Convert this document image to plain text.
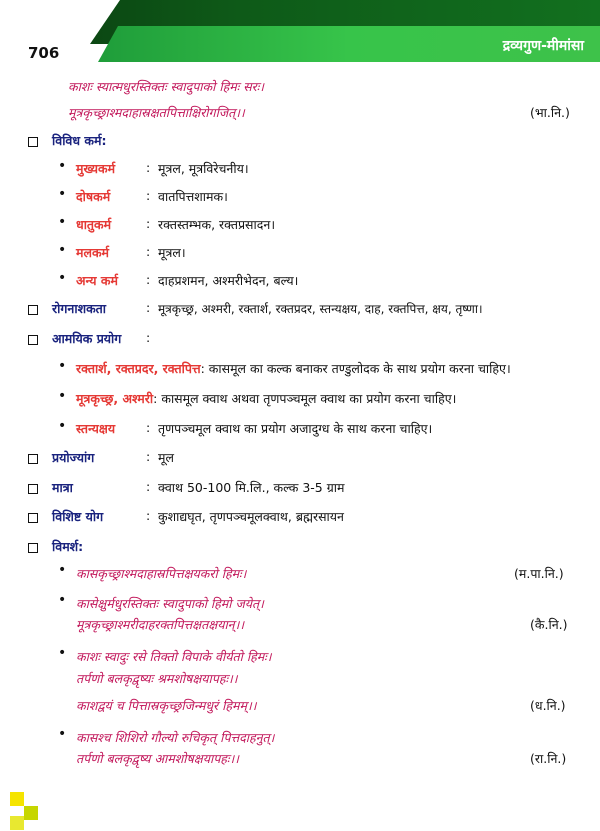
706	द्रव्यगुण-मीमांसा
काशः स्यात्मधुरस्तिक्तः स्वादुपाको हिमः सरः।
मूत्रकृच्छ्राश्मदाहास्रक्षतपित्ताक्षिरोगजित्।।	(भा.नि.)
विविध कर्म:
• मुख्यकर्म : मूत्रल, मूत्रविरेचनीय।
• दोषकर्म	: वातपित्तशामक।
• धातुकर्म	: रक्तस्तम्भक, रक्तप्रसादन।
• मलकर्म	: मूत्रल।
• अन्य कर्म : दाहप्रशमन, अश्मरीभेदन, बल्य।
रोगनाशकता	: मूत्रकृच्छ्र, अश्मरी, रक्तार्श, रक्तप्रदर, स्तन्यक्षय, दाह, रक्तपित्त, क्षय, तृष्णा।
आमयिक प्रयोग :
• रक्तार्श, रक्तप्रदर, रक्तपित्त: कासमूल का कल्क बनाकर तण्डुलोदक के साथ प्रयोग करना चाहिए।
• मूत्रकृच्छ्र, अश्मरी: कासमूल क्वाथ अथवा तृणपञ्चमूल क्वाथ का प्रयोग करना चाहिए।
• स्तन्यक्षय : तृणपञ्चमूल क्वाथ का प्रयोग अजादुग्ध के साथ करना चाहिए।
प्रयोज्यांग	: मूल
मात्रा	: क्वाथ 50-100 मि.लि., कल्क 3-5 ग्राम
विशिष्ट योग	: कुशाद्यघृत, तृणपञ्चमूलक्वाथ, ब्रह्मरसायन
विमर्श:
• कासकृच्छ्राश्मदाहास्रपित्तक्षयकरो हिमः।	(म.पा.नि.)
• कासेक्षुर्मधुरस्तिक्तः स्वादुपाको हिमो जयेत्।
मूत्रकृच्छ्राश्मरीदाहरक्तपित्तक्षतक्षयान्।।	(कै.नि.)
• काशः स्वादुः रसे तिक्तो विपाके वीर्यतो हिमः।
तर्पणो बलकृद्वृष्यः श्रमशोषक्षयापहः।।
काशद्वयं च पित्तास्रकृच्छ्रजिन्मधुरं हिमम्।।	(ध.नि.)
• कासश्च शिशिरो गौल्यो रुचिकृत् पित्तदाहनुत्।
तर्पणो बलकृद्वृष्य आमशोषक्षयापहः।।	(रा.नि.)
